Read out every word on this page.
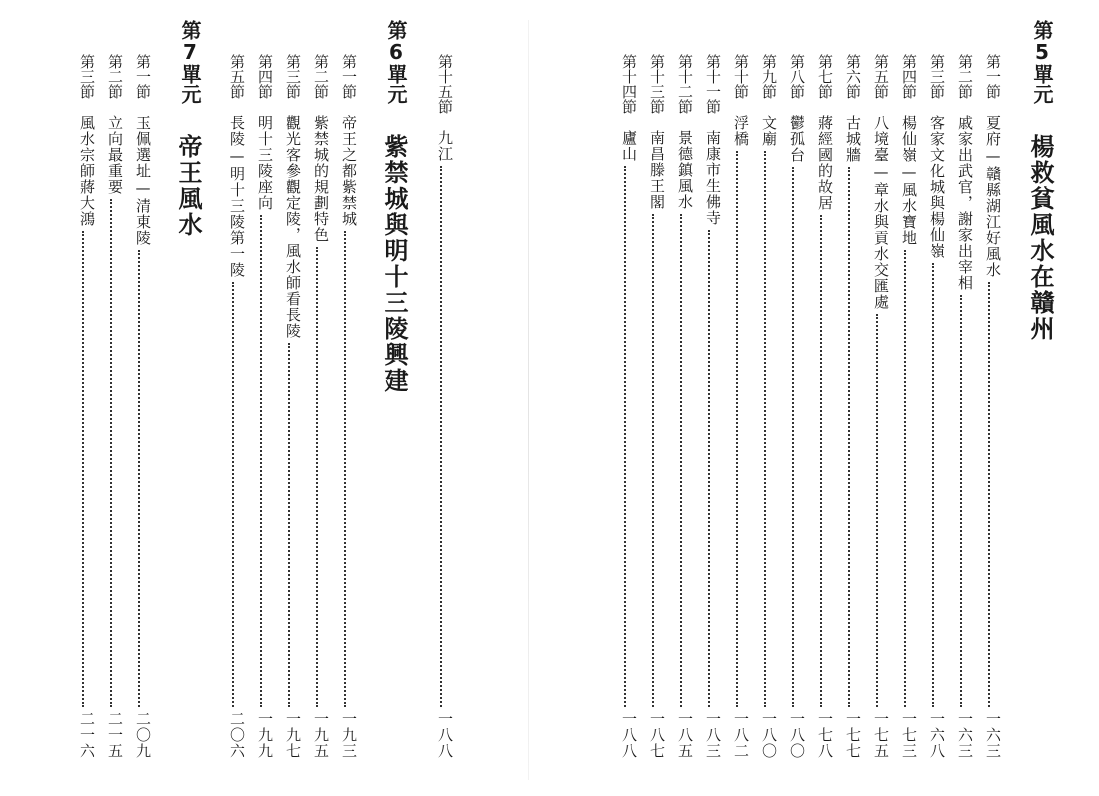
第5單元
楊救貧風水在贛州
第一節
夏府—贛縣湖江好風水
一六三
第二節
戚家出武官，謝家出宰相
一六三
第三節
客家文化城與楊仙嶺
一六八
第四節
楊仙嶺—風水寶地
一七三
第五節
八境臺—章水與貢水交匯處
一七五
第六節
古城牆
一七七
第七節
蔣經國的故居
一七八
第八節
鬱孤台
一八〇
第九節
文廟
一八〇
第十節
浮橋
一八二
第十一節
南康市生佛寺
一八三
第十二節
景德鎮風水
一八五
第十三節
南昌滕王閣
一八七
第十四節
廬山
一八八
第十五節
九江
一八八
第6單元
紫禁城與明十三陵興建
第一節
帝王之都紫禁城
一九三
第二節
紫禁城的規劃特色
一九五
第三節
觀光客參觀定陵，風水師看長陵
一九七
第四節
明十三陵座向
一九九
第五節
長陵—明十三陵第一陵
二〇六
第7單元
帝王風水
第一節
玉佩選址—清東陵
二〇九
第二節
立向最重要
二一五
第三節
風水宗師蔣大鴻
二一六
